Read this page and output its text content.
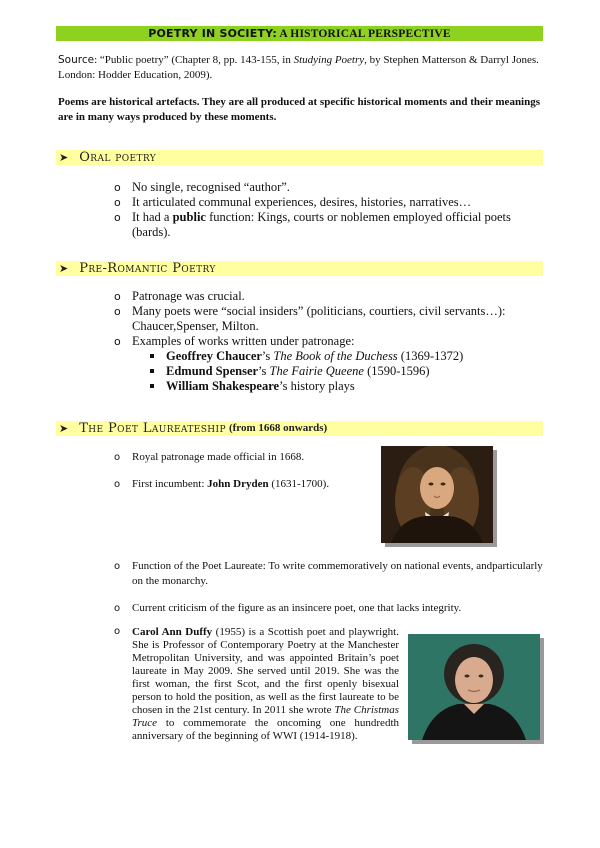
POETRY IN SOCIETY: A HISTORICAL PERSPECTIVE
Source: “Public poetry” (Chapter 8, pp. 143-155, in Studying Poetry, by Stephen Matterson & Darryl Jones. London: Hodder Education, 2009).
Poems are historical artefacts. They are all produced at specific historical moments and their meanings are in many ways produced by these moments.
➤ Oral poetry
o No single, recognised “author”.
o It articulated communal experiences, desires, histories, narratives…
o It had a public function: Kings, courts or noblemen employed official poets (bards).
➤ Pre-Romantic Poetry
o Patronage was crucial.
o Many poets were “social insiders” (politicians, courtiers, civil servants…): Chaucer,Spenser, Milton.
o Examples of works written under patronage:
Geoffrey Chaucer’s The Book of the Duchess (1369-1372)
Edmund Spenser’s The Fairie Queene (1590-1596)
William Shakespeare’s history plays
➤ The Poet Laureateship (from 1668 onwards)
o Royal patronage made official in 1668.
o First incumbent: John Dryden (1631-1700).
o Function of the Poet Laureate: To write commemoratively on national events, andparticularly on the monarchy.
o Current criticism of the figure as an insincere poet, one that lacks integrity.
o Carol Ann Duffy (1955) is a Scottish poet and playwright. She is Professor of Contemporary Poetry at the Manchester Metropolitan University, and was appointed Britain’s poet laureate in May 2009. She served until 2019. She was the first woman, the first Scot, and the first openly bisexual person to hold the position, as well as the first laureate to be chosen in the 21st century. In 2011 she wrote The Christmas Truce to commemorate the oncoming one hundredth anniversary of the beginning of WWI (1914-1918).
